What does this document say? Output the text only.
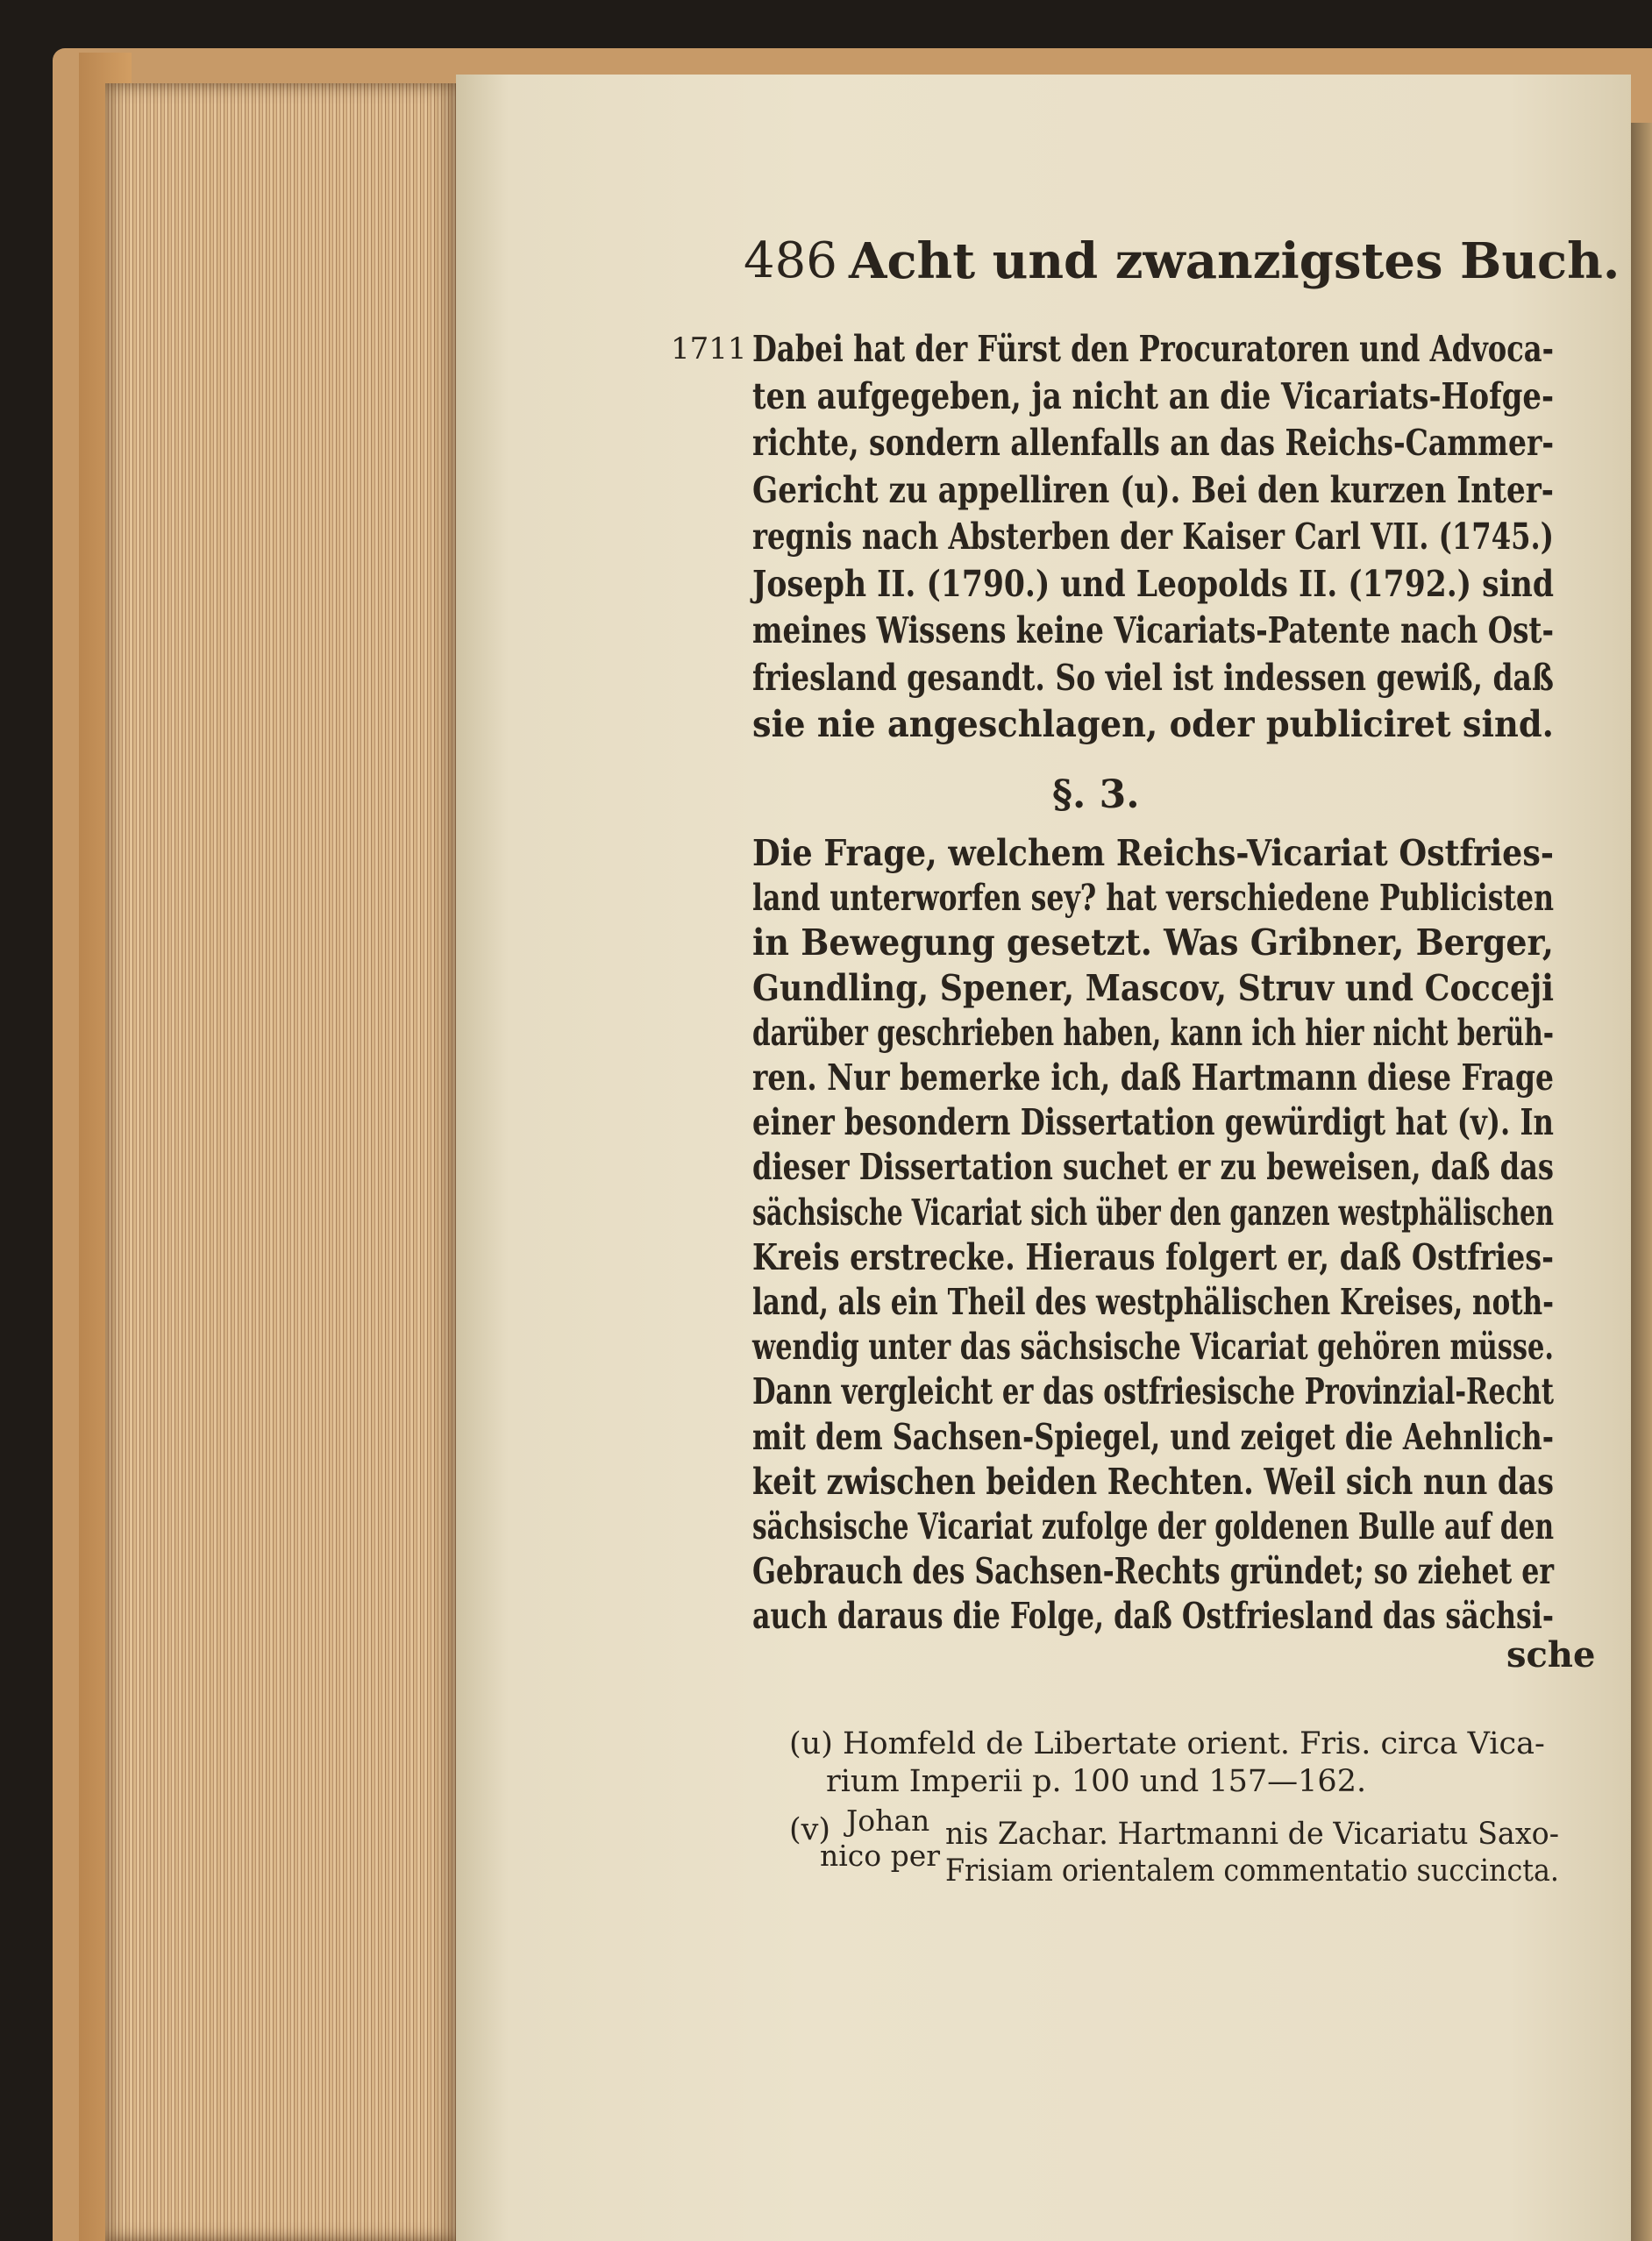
486 Acht und zwanzigstes Buch.
1711 Dabei hat der Fürst den Procuratoren und Advoca-
ten aufgegeben, ja nicht an die Vicariats-Hofge-
richte, sondern allenfalls an das Reichs-Cammer-
Gericht zu appelliren (u). Bei den kurzen Inter-
regnis nach Absterben der Kaiser Carl VII. (1745.)
Joseph II. (1790.) und Leopolds II. (1792.) sind
meines Wissens keine Vicariats-Patente nach Ost-
friesland gesandt. So viel ist indessen gewiß, daß
sie nie angeschlagen, oder publiciret sind.
§. 3.
Die Frage, welchem Reichs-Vicariat Ostfries-
land unterworfen sey? hat verschiedene Publicisten
in Bewegung gesetzt. Was Gribner, Berger,
Gundling, Spener, Mascov, Struv und Cocceji
darüber geschrieben haben, kann ich hier nicht berüh-
ren. Nur bemerke ich, daß Hartmann diese Frage
einer besondern Dissertation gewürdigt hat (v). In
dieser Dissertation suchet er zu beweisen, daß das
sächsische Vicariat sich über den ganzen westphälischen
Kreis erstrecke. Hieraus folgert er, daß Ostfries-
land, als ein Theil des westphälischen Kreises, noth-
wendig unter das sächsische Vicariat gehören müsse.
Dann vergleicht er das ostfriesische Provinzial-Recht
mit dem Sachsen-Spiegel, und zeiget die Aehnlich-
keit zwischen beiden Rechten. Weil sich nun das
sächsische Vicariat zufolge der goldenen Bulle auf den
Gebrauch des Sachsen-Rechts gründet; so ziehet er
auch daraus die Folge, daß Ostfriesland das sächsi-
sche
(u) Homfeld de Libertate orient. Fris. circa Vica-
rium Imperii p. 100 und 157—162.
(v) Johan
nico per
nis Zachar. Hartmanni de Vicariatu Saxo-
Frisiam orientalem commentatio succincta.
